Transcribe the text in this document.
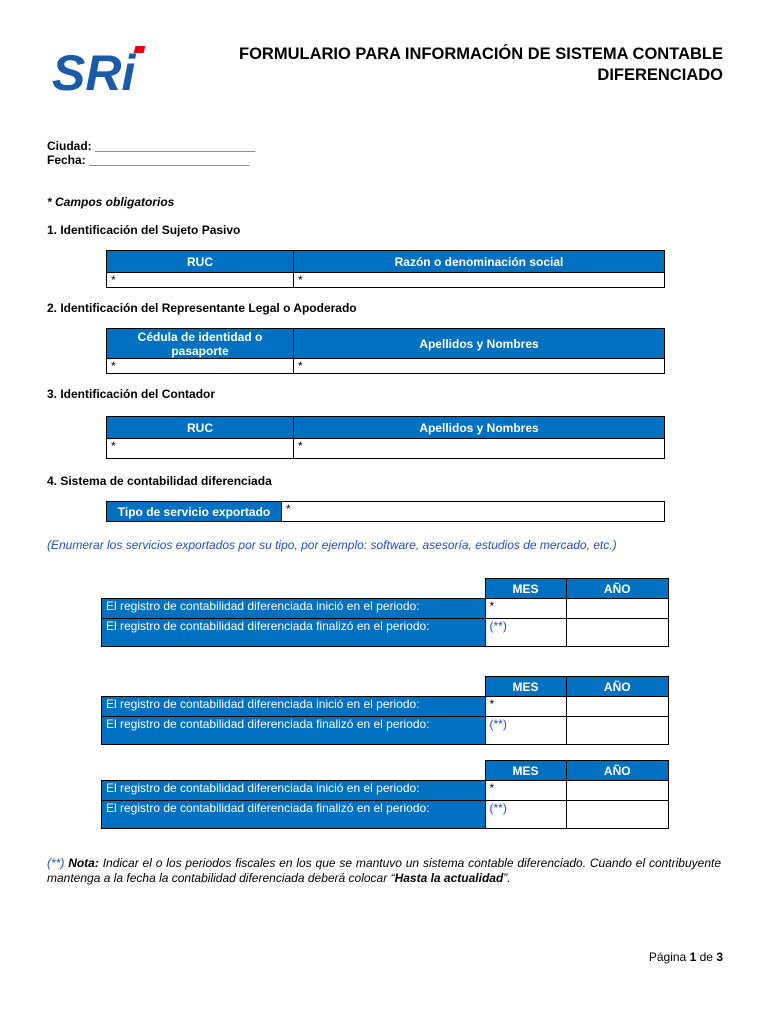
SRi	FORMULARIO PARA INFORMACIÓN DE SISTEMA CONTABLE
DIFERENCIADO
Ciudad: ________________________
Fecha: ________________________
* Campos obligatorios
1. Identificación del Sujeto Pasivo
RUC	Razón o denominación social
*	*
2. Identificación del Representante Legal o Apoderado
Cédula de identidad o pasaporte	Apellidos y Nombres
*	*
3. Identificación del Contador
RUC	Apellidos y Nombres
*	*
4. Sistema de contabilidad diferenciada
Tipo de servicio exportado	*
(Enumerar los servicios exportados por su tipo, por ejemplo: software, asesoría, estudios de mercado, etc.)
	MES	AÑO
El registro de contabilidad diferenciada inició en el periodo:	*	
El registro de contabilidad diferenciada finalizó en el periodo:	(**)	
	MES	AÑO
El registro de contabilidad diferenciada inició en el periodo:	*	
El registro de contabilidad diferenciada finalizó en el periodo:	(**)	
	MES	AÑO
El registro de contabilidad diferenciada inició en el periodo:	*	
El registro de contabilidad diferenciada finalizó en el periodo:	(**)	
(**) Nota: Indicar el o los periodos fiscales en los que se mantuvo un sistema contable diferenciado. Cuando el contribuyente mantenga a la fecha la contabilidad diferenciada deberá colocar “Hasta la actualidad”.
Página 1 de 3
